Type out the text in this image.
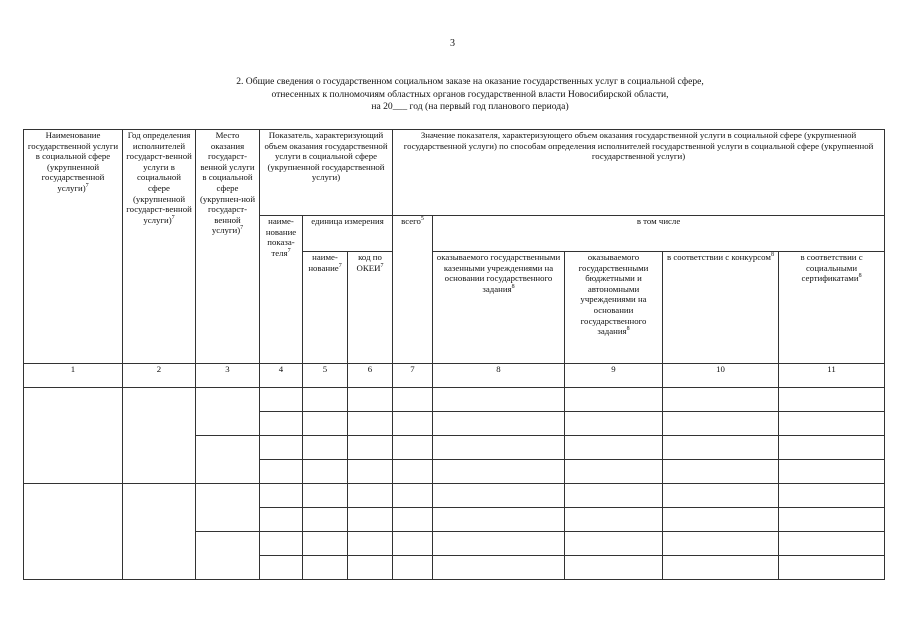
3
2. Общие сведения о государственном социальном заказе на оказание государственных услуг в социальной сфере,
отнесенных к полномочиям областных органов государственной власти Новосибирской области,
на 20___ год (на первый год планового периода)
Наименование государственной услуги в социальной сфере (укрупненной государственной услуги)$^7$	Год определения исполнителей государст-венной услуги в социальной сфере (укрупненной государст-венной услуги)$^7$	Место оказания государст-венной услуги в социальной сфере (укрупнен-ной государст-венной услуги)$^7$	Показатель, характеризующий объем оказания государственной услуги в социальной сфере (укрупненной государственной услуги)			Значение показателя, характеризующего объем оказания государственной услуги в социальной сфере (укрупненной государственной услуги) по способам определения исполнителей государственной услуги в социальной сфере (укрупненной государственной услуги)				
			наиме-нование показа-теля$^7$	единица измерения		всего$^5$	в том числе			
				наиме-нование$^7$	код по ОКЕИ$^7$		оказываемого государственными казенными учреждениями на основании государственного задания$^8$	оказываемого государственными бюджетными и автономными учреждениями на основании государственного задания$^8$	в соответствии с конкурсом$^8$	в соответствии с социальными сертификатами$^8$
1	2	3	4	5	6	7	8	9	10	11
